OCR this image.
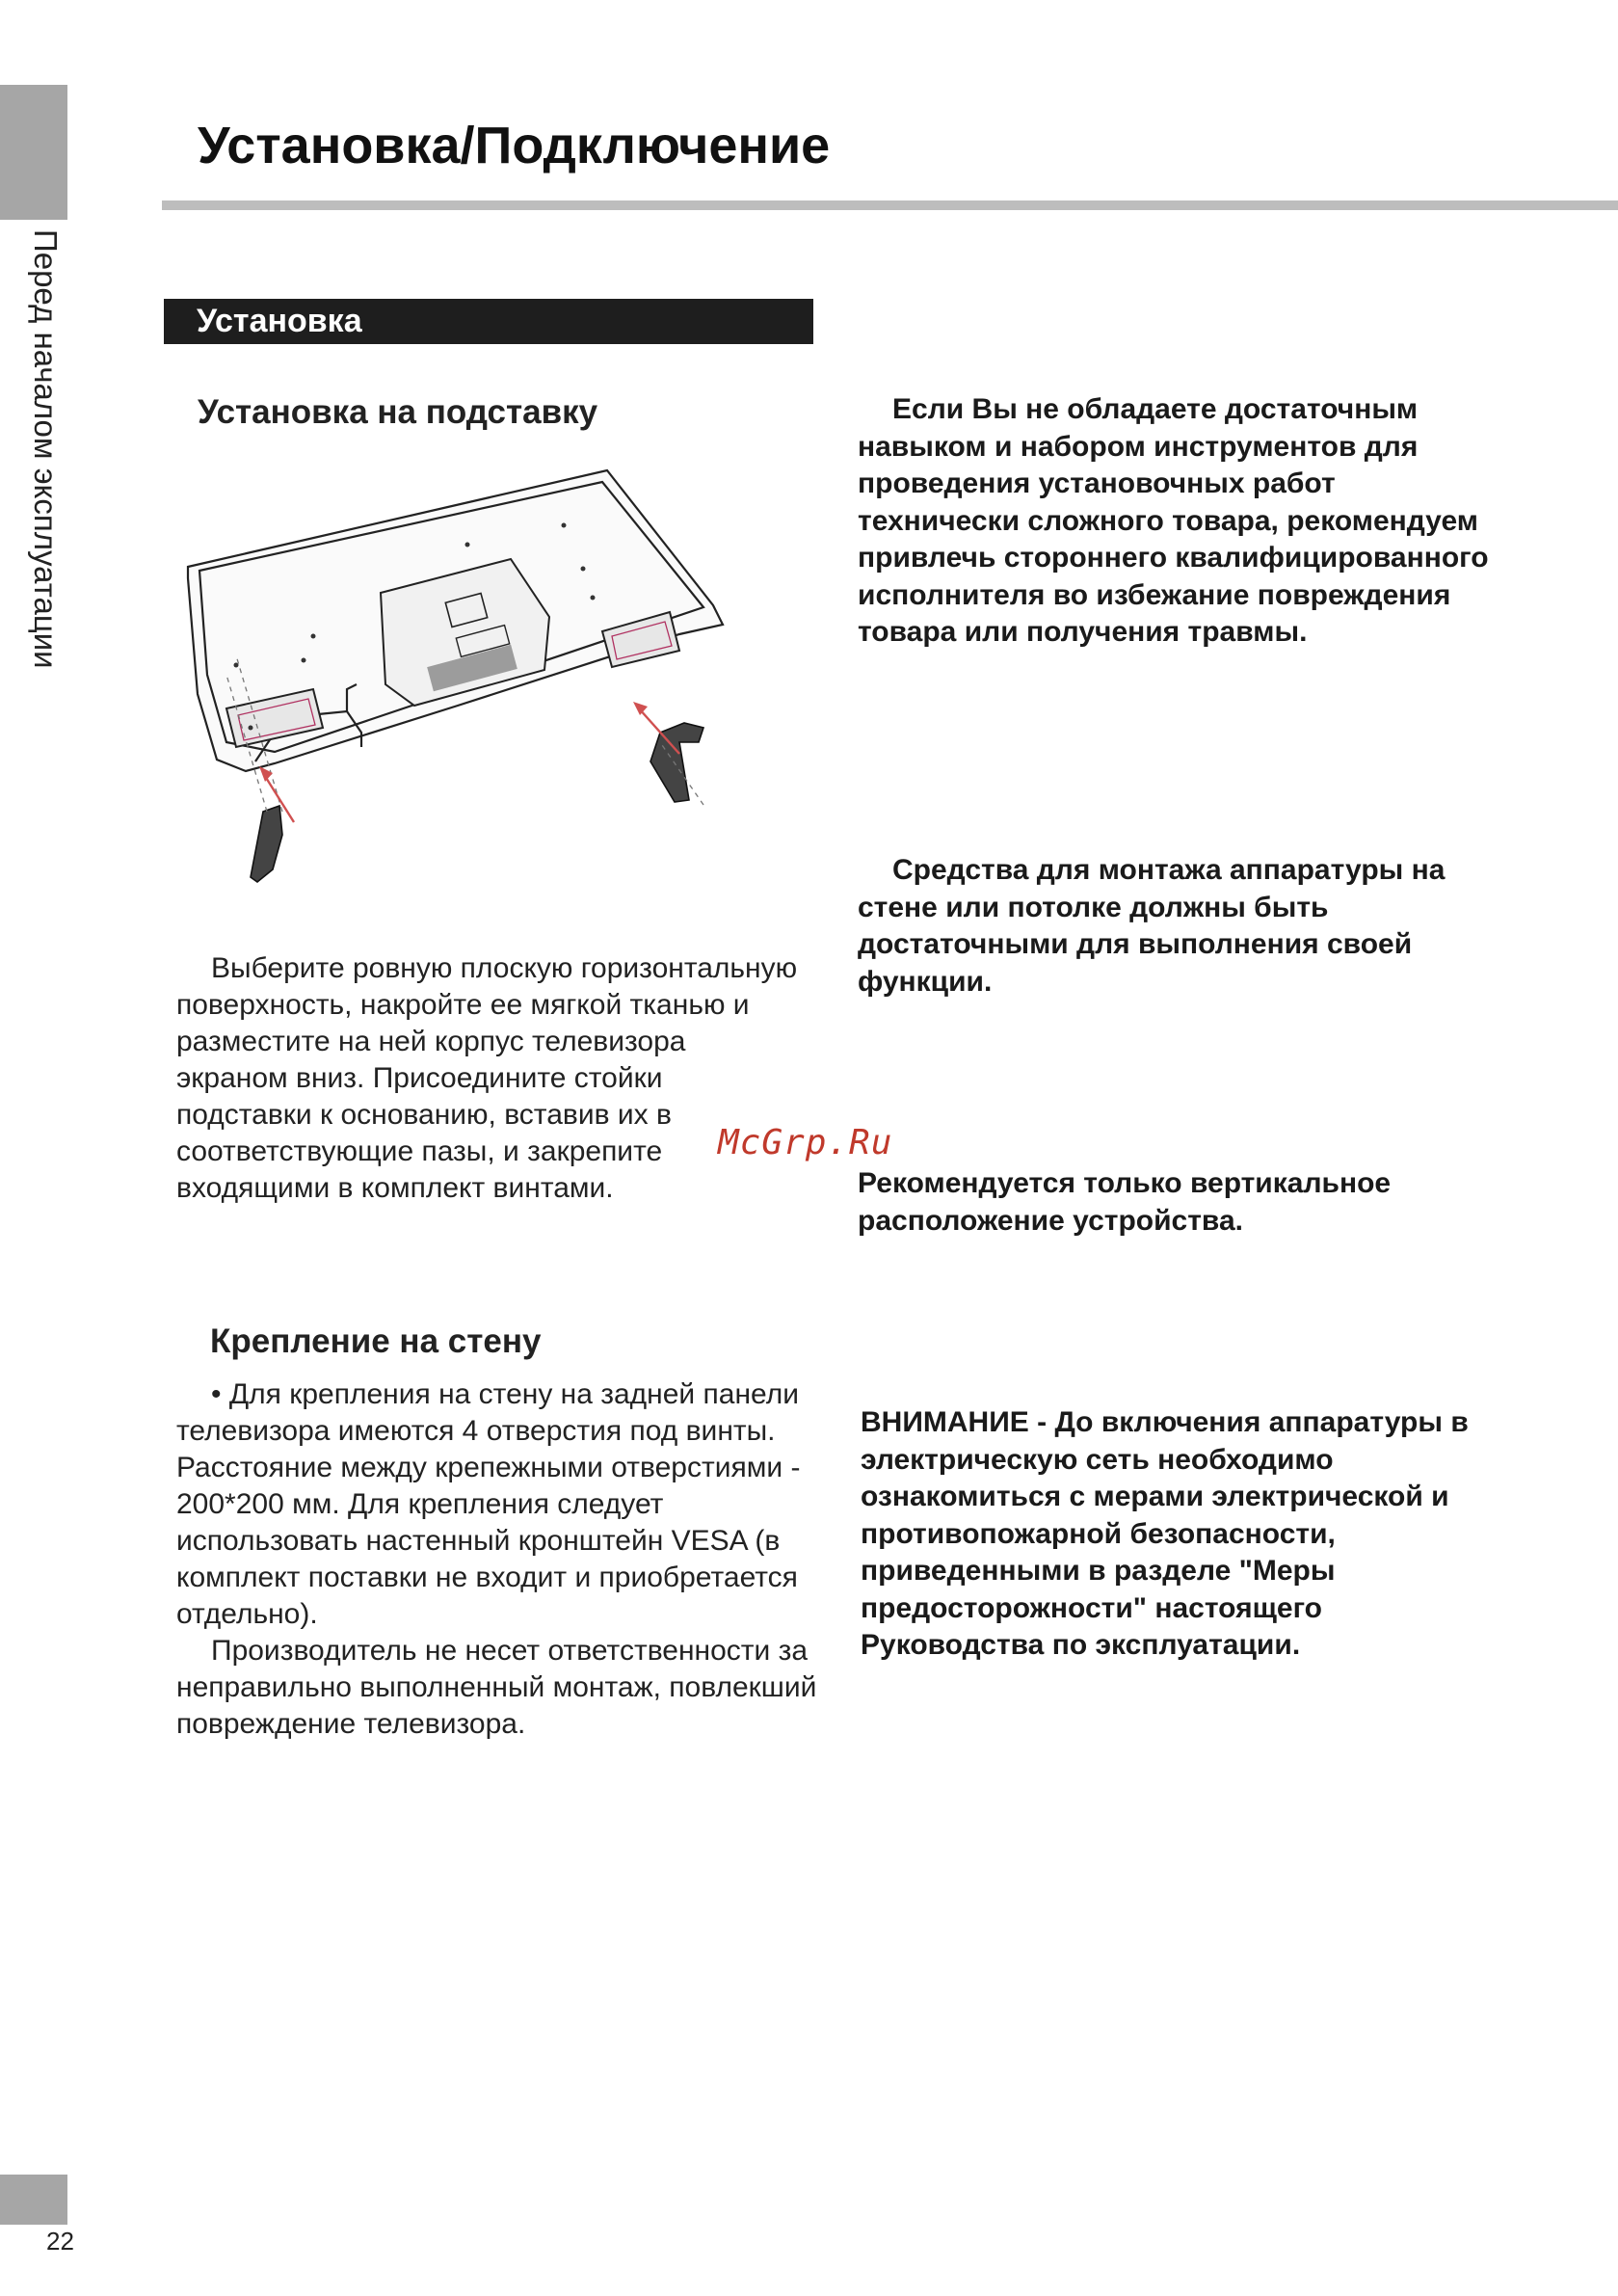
Перед началом эксплуатации
Установка/Подключение
Установка
Установка на подставку

Выберите ровную плоскую горизонтальную поверхность, накройте ее мягкой тканью и разместите на ней корпус телевизора экраном вниз. Присоедините стойки подставки к основанию, вставив их в соответствующие пазы, и закрепите входящими в комплект винтами.

Крепление на стену

• Для крепления на стену на задней панели телевизора имеются 4 отверстия под винты. Расстояние между крепежными отверстиями - 200*200 мм. Для крепления следует использовать настенный кронштейн VESA (в комплект поставки не входит и приобретается отдельно).

Производитель не несет ответственности за неправильно выполненный монтаж, повлекший повреждение телевизора.

Если Вы не обладаете достаточным навыком и набором инструментов для проведения установочных работ технически сложного товара, рекомендуем привлечь стороннего квалифицированного исполнителя во избежание повреждения товара или получения травмы.

Средства для монтажа аппаратуры на стене или потолке должны быть достаточными для выполнения своей функции.

McGrp.Ru

Рекомендуется только вертикальное расположение устройства.

ВНИМАНИЕ - До включения аппаратуры в электрическую сеть необходимо ознакомиться с мерами электрической и противопожарной безопасности, приведенными в разделе "Меры предосторожности" настоящего Руководства по эксплуатации.

22
